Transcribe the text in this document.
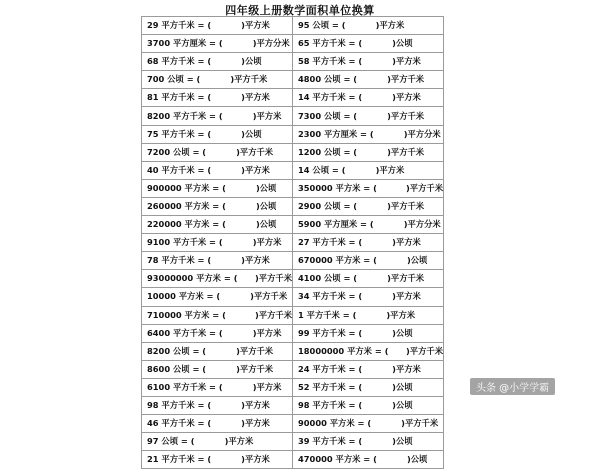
四年级上册数学面积单位换算
29 平方千米 = ( )平方米	95 公顷 = ( )平方米

3700 平方厘米 = ( )平方分米	65 平方千米 = ( )公顷

68 平方千米 = ( )公顷	58 平方千米 = ( )平方米

700 公顷 = ( )平方千米	4800 公顷 = ( )平方千米

81 平方千米 = ( )平方米	14 平方千米 = ( )平方米

8200 平方千米 = ( )平方米	7300 公顷 = ( )平方千米

75 平方千米 = ( )公顷	2300 平方厘米 = ( )平方分米

7200 公顷 = ( )平方千米	1200 公顷 = ( )平方千米

40 平方千米 = ( )平方米	14 公顷 = ( )平方米

900000 平方米 = ( )公顷	350000 平方米 = ( )平方千米

260000 平方米 = ( )公顷	2900 公顷 = ( )平方千米

220000 平方米 = ( )公顷	5900 平方厘米 = ( )平方分米

9100 平方千米 = ( )平方米	27 平方千米 = ( )平方米

78 平方千米 = ( )平方米	670000 平方米 = ( )公顷

93000000 平方米 = ( )平方千米	4100 公顷 = ( )平方千米

10000 平方米 = ( )平方千米	34 平方千米 = ( )平方米

710000 平方米 = ( )平方千米	1 平方千米 = ( )平方米

6400 平方千米 = ( )平方米	99 平方千米 = ( )公顷

8200 公顷 = ( )平方千米	18000000 平方米 = ( )平方千米

8600 公顷 = ( )平方千米	24 平方千米 = ( )平方米

6100 平方千米 = ( )平方米	52 平方千米 = ( )公顷

98 平方千米 = ( )平方米	98 平方千米 = ( )公顷

46 平方千米 = ( )平方米	90000 平方米 = ( )平方千米

97 公顷 = ( )平方米	39 平方千米 = ( )公顷

21 平方千米 = ( )平方米	470000 平方米 = ( )公顷
头条 @小学学霸
